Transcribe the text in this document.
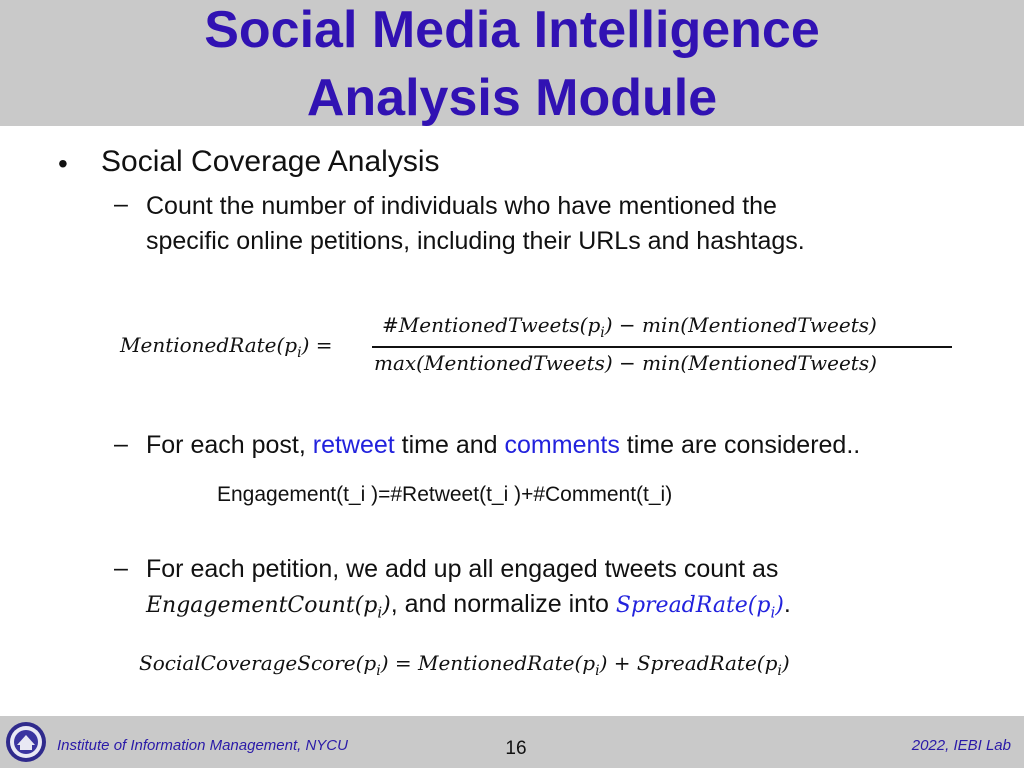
Social Media Intelligence
Analysis Module
• Social Coverage Analysis
– Count the number of individuals who have mentioned the
specific online petitions, including their URLs and hashtags.
$MentionedRate(p_i)$ =
$\#MentionedTweets(p_i)$ − min(MentionedTweets)
max(MentionedTweets) − min(MentionedTweets)
– For each post, retweet time and comments time are considered..
Engagement(t_i )=#Retweet(t_i )+#Comment(t_i)
– For each petition, we add up all engaged tweets count as
$EngagementCount(p_i)$, and normalize into $SpreadRate(p_i)$.
$SocialCoverageScore(p_i)$ = $MentionedRate(p_i)$ + $SpreadRate(p_i)$
Institute of Information Management, NYCU	16	2022, IEBI Lab
